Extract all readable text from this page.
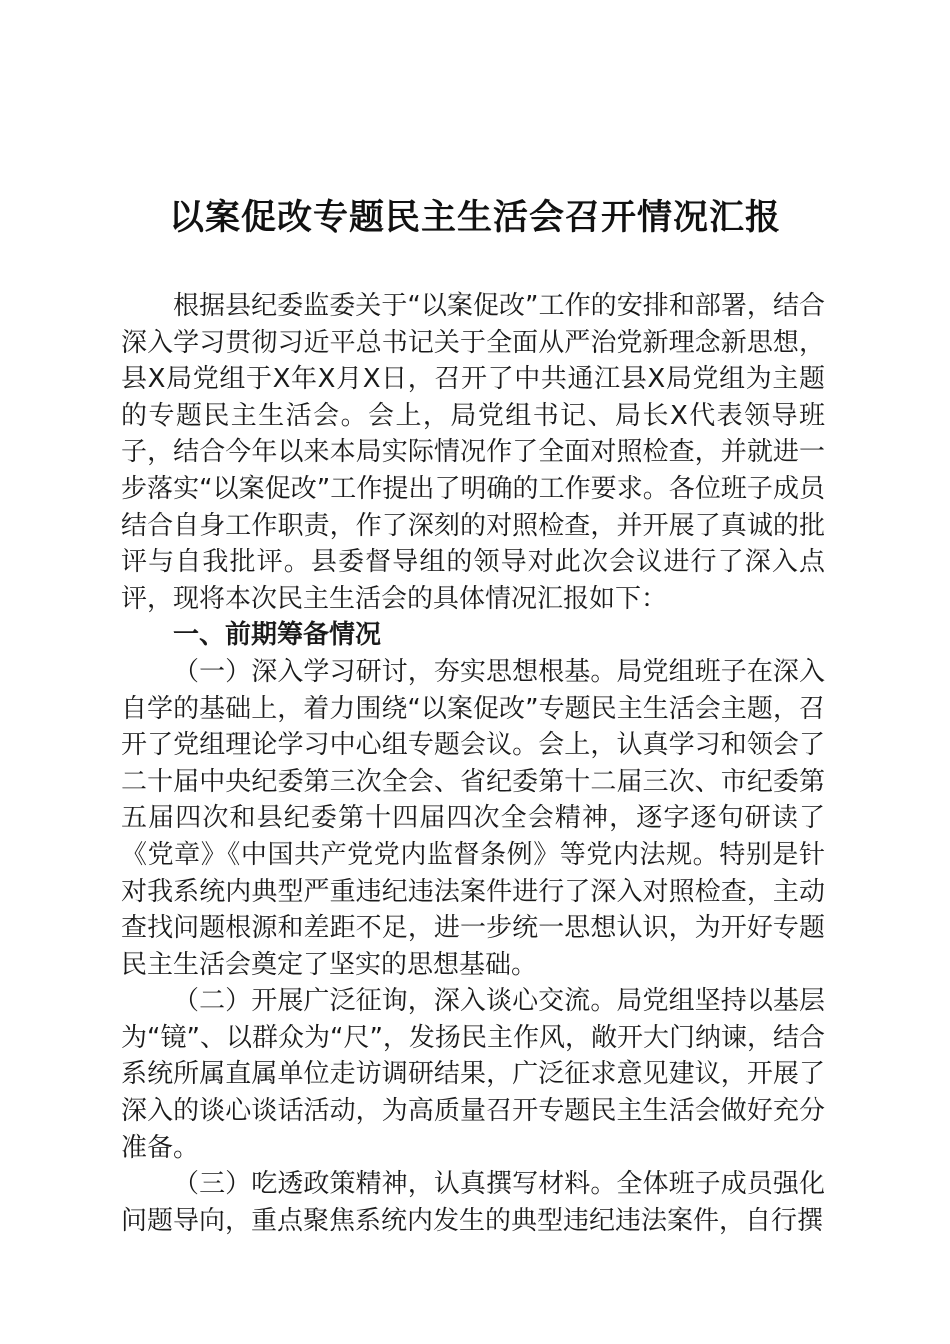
以案促改专题民主生活会召开情况汇报

根据县纪委监委关于“以案促改”工作的安排和部署，结合深入学习贯彻习近平总书记关于全面从严治党新理念新思想，县X局党组于X年X月X日，召开了中共通江县X局党组为主题的专题民主生活会。会上，局党组书记、局长X代表领导班子，结合今年以来本局实际情况作了全面对照检查，并就进一步落实“以案促改”工作提出了明确的工作要求。各位班子成员结合自身工作职责，作了深刻的对照检查，并开展了真诚的批评与自我批评。县委督导组的领导对此次会议进行了深入点评，现将本次民主生活会的具体情况汇报如下：

一、前期筹备情况

（一）深入学习研讨，夯实思想根基。局党组班子在深入自学的基础上，着力围绕“以案促改”专题民主生活会主题，召开了党组理论学习中心组专题会议。会上，认真学习和领会了二十届中央纪委第三次全会、省纪委第十二届三次、市纪委第五届四次和县纪委第十四届四次全会精神，逐字逐句研读了《党章》《中国共产党党内监督条例》等党内法规。特别是针对我系统内典型严重违纪违法案件进行了深入对照检查，主动查找问题根源和差距不足，进一步统一思想认识，为开好专题民主生活会奠定了坚实的思想基础。

（二）开展广泛征询，深入谈心交流。局党组坚持以基层为“镜”、以群众为“尺”，发扬民主作风，敞开大门纳谏，结合系统所属直属单位走访调研结果，广泛征求意见建议，开展了深入的谈心谈话活动，为高质量召开专题民主生活会做好充分准备。

（三）吃透政策精神，认真撰写材料。全体班子成员强化问题导向，重点聚焦系统内发生的典型违纪违法案件，自行撰
